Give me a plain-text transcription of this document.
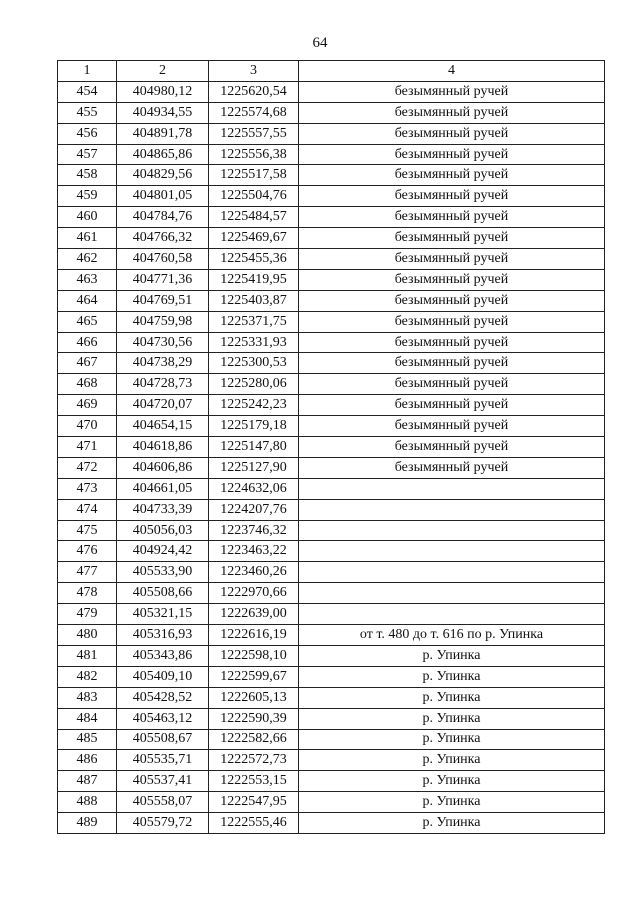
64
1	2	3	4
454	404980,12	1225620,54	безымянный ручей
455	404934,55	1225574,68	безымянный ручей
456	404891,78	1225557,55	безымянный ручей
457	404865,86	1225556,38	безымянный ручей
458	404829,56	1225517,58	безымянный ручей
459	404801,05	1225504,76	безымянный ручей
460	404784,76	1225484,57	безымянный ручей
461	404766,32	1225469,67	безымянный ручей
462	404760,58	1225455,36	безымянный ручей
463	404771,36	1225419,95	безымянный ручей
464	404769,51	1225403,87	безымянный ручей
465	404759,98	1225371,75	безымянный ручей
466	404730,56	1225331,93	безымянный ручей
467	404738,29	1225300,53	безымянный ручей
468	404728,73	1225280,06	безымянный ручей
469	404720,07	1225242,23	безымянный ручей
470	404654,15	1225179,18	безымянный ручей
471	404618,86	1225147,80	безымянный ручей
472	404606,86	1225127,90	безымянный ручей
473	404661,05	1224632,06	
474	404733,39	1224207,76	
475	405056,03	1223746,32	
476	404924,42	1223463,22	
477	405533,90	1223460,26	
478	405508,66	1222970,66	
479	405321,15	1222639,00	
480	405316,93	1222616,19	от т. 480 до т. 616 по р. Упинка
481	405343,86	1222598,10	р. Упинка
482	405409,10	1222599,67	р. Упинка
483	405428,52	1222605,13	р. Упинка
484	405463,12	1222590,39	р. Упинка
485	405508,67	1222582,66	р. Упинка
486	405535,71	1222572,73	р. Упинка
487	405537,41	1222553,15	р. Упинка
488	405558,07	1222547,95	р. Упинка
489	405579,72	1222555,46	р. Упинка
